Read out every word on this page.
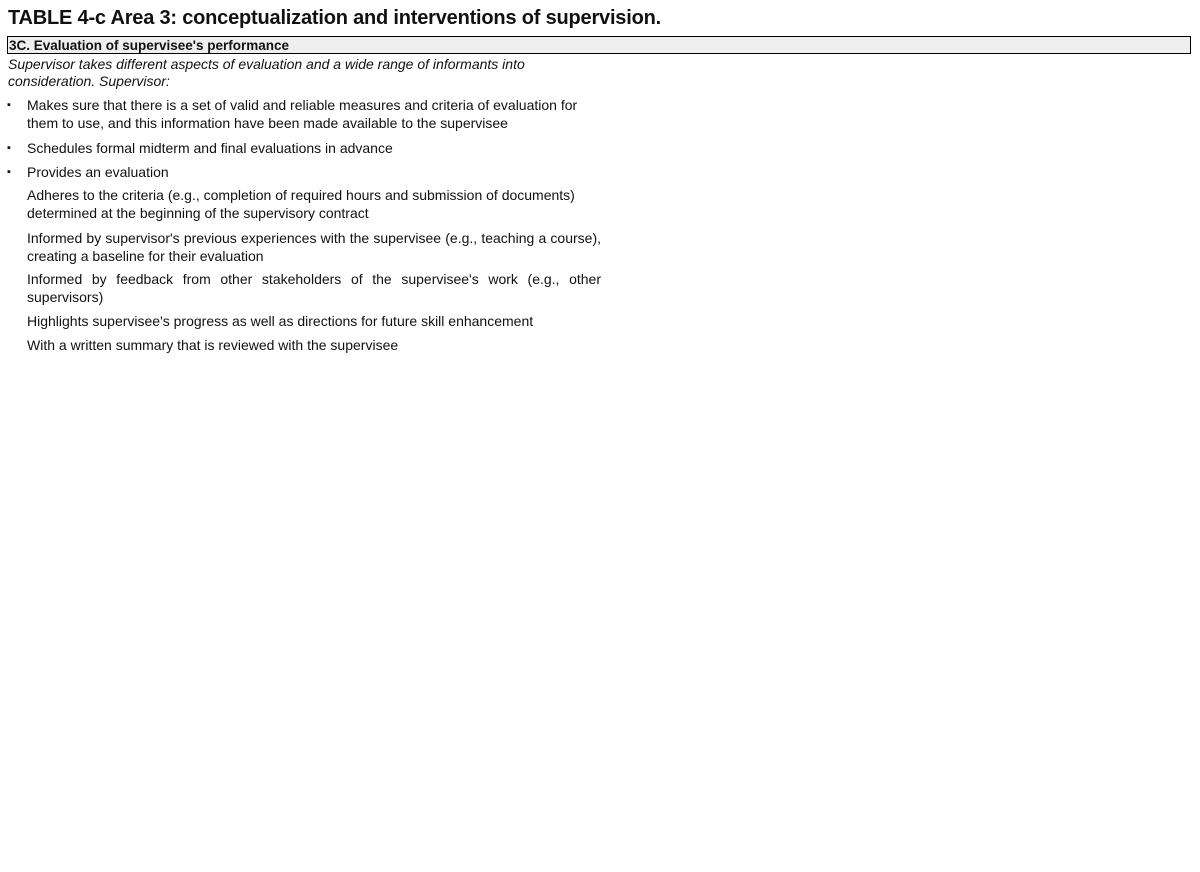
TABLE 4-c Area 3: conceptualization and interventions of supervision.
3C. Evaluation of supervisee's performance
Supervisor takes different aspects of evaluation and a wide range of informants into consideration. Supervisor:
▪ Makes sure that there is a set of valid and reliable measures and criteria of evaluation for them to use, and this information have been made available to the supervisee
▪ Schedules formal midterm and final evaluations in advance
▪ Provides an evaluation
Adheres to the criteria (e.g., completion of required hours and submission of documents) determined at the beginning of the supervisory contract
Informed by supervisor's previous experiences with the supervisee (e.g., teaching a course), creating a baseline for their evaluation
Informed by feedback from other stakeholders of the supervisee's work (e.g., other supervisors)
Highlights supervisee's progress as well as directions for future skill enhancement
With a written summary that is reviewed with the supervisee
